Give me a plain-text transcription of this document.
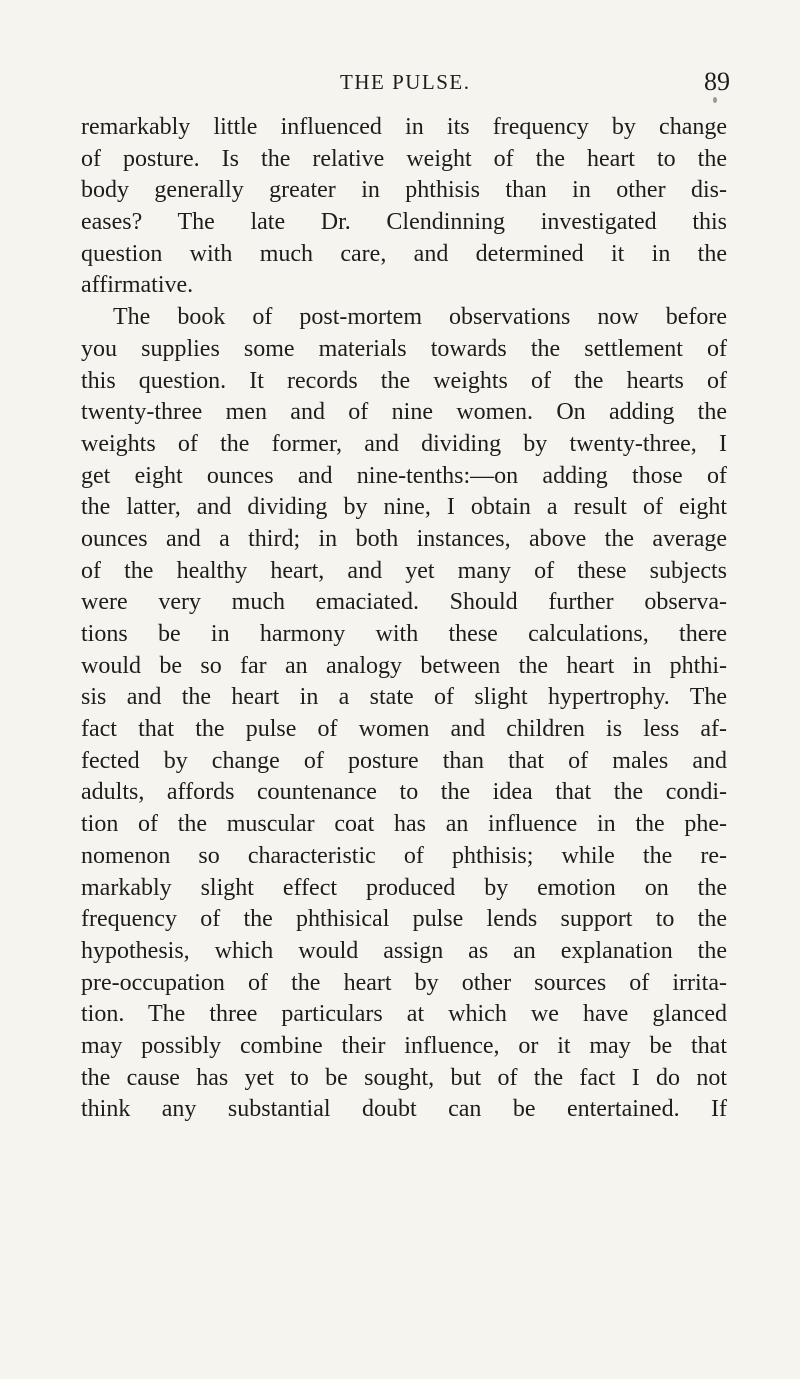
THE PULSE.	89
remarkably little influenced in its frequency by change
of posture. Is the relative weight of the heart to the
body generally greater in phthisis than in other dis-
eases? The late Dr. Clendinning investigated this
question with much care, and determined it in the
affirmative.
The book of post-mortem observations now before
you supplies some materials towards the settlement of
this question. It records the weights of the hearts of
twenty-three men and of nine women. On adding the
weights of the former, and dividing by twenty-three, I
get eight ounces and nine-tenths:—on adding those of
the latter, and dividing by nine, I obtain a result of eight
ounces and a third; in both instances, above the average
of the healthy heart, and yet many of these subjects
were very much emaciated. Should further observa-
tions be in harmony with these calculations, there
would be so far an analogy between the heart in phthi-
sis and the heart in a state of slight hypertrophy. The
fact that the pulse of women and children is less af-
fected by change of posture than that of males and
adults, affords countenance to the idea that the condi-
tion of the muscular coat has an influence in the phe-
nomenon so characteristic of phthisis; while the re-
markably slight effect produced by emotion on the
frequency of the phthisical pulse lends support to the
hypothesis, which would assign as an explanation the
pre-occupation of the heart by other sources of irrita-
tion. The three particulars at which we have glanced
may possibly combine their influence, or it may be that
the cause has yet to be sought, but of the fact I do not
think any substantial doubt can be entertained. If
